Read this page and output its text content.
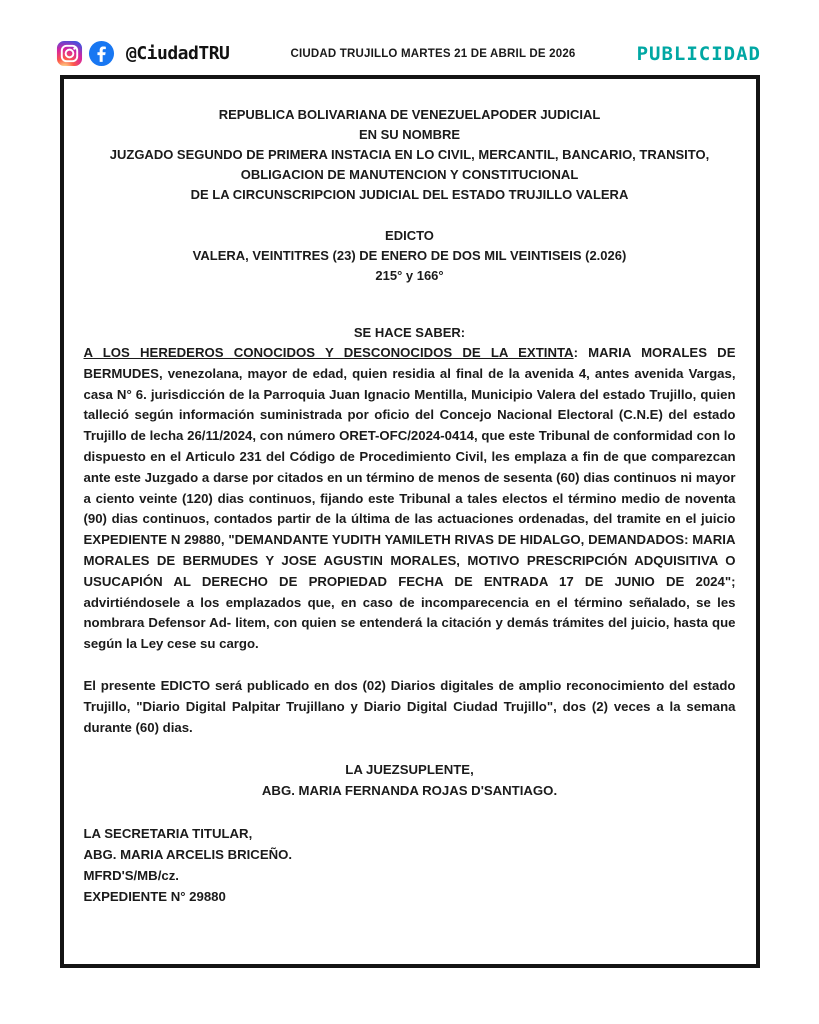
@CiudadTRU	CIUDAD TRUJILLO MARTES 21 DE ABRIL DE 2026	PUBLICIDAD
REPUBLICA BOLIVARIANA DE VENEZUELAPODER JUDICIAL
EN SU NOMBRE
JUZGADO SEGUNDO DE PRIMERA INSTACIA EN LO CIVIL, MERCANTIL, BANCARIO, TRANSITO,
OBLIGACION DE MANUTENCION Y CONSTITUCIONAL
DE LA CIRCUNSCRIPCION JUDICIAL DEL ESTADO TRUJILLO VALERA
EDICTO
VALERA, VEINTITRES (23) DE ENERO DE DOS MIL VEINTISEIS (2.026)
215° y 166°
SE HACE SABER:

A LOS HEREDEROS CONOCIDOS Y DESCONOCIDOS DE LA EXTINTA: MARIA MORALES DE BERMUDES, venezolana, mayor de edad, quien residia al final de la avenida 4, antes avenida Vargas, casa N° 6. jurisdicción de la Parroquia Juan Ignacio Mentilla, Municipio Valera del estado Trujillo, quien talleció según información suministrada por oficio del Concejo Nacional Electoral (C.N.E) del estado Trujillo de lecha 26/11/2024, con número ORET-OFC/2024-0414, que este Tribunal de conformidad con lo dispuesto en el Articulo 231 del Código de Procedimiento Civil, les emplaza a fin de que comparezcan ante este Juzgado a darse por citados en un término de menos de sesenta (60) dias continuos ni mayor a ciento veinte (120) dias continuos, fijando este Tribunal a tales electos el término medio de noventa (90) dias continuos, contados partir de la última de las actuaciones ordenadas, del tramite en el juicio EXPEDIENTE N 29880, "DEMANDANTE YUDITH YAMILETH RIVAS DE HIDALGO, DEMANDADOS: MARIA MORALES DE BERMUDES Y JOSE AGUSTIN MORALES, MOTIVO PRESCRIPCIÓN ADQUISITIVA O USUCAPIÓN AL DERECHO DE PROPIEDAD FECHA DE ENTRADA 17 DE JUNIO DE 2024"; advirtiéndosele a los emplazados que, en caso de incomparecencia en el término señalado, se les nombrara Defensor Ad- litem, con quien se entenderá la citación y demás trámites del juicio, hasta que según la Ley cese su cargo.

El presente EDICTO será publicado en dos (02) Diarios digitales de amplio reconocimiento del estado Trujillo, "Diario Digital Palpitar Trujillano y Diario Digital Ciudad Trujillo", dos (2) veces a la semana durante (60) dias.

LA JUEZSUPLENTE,
ABG. MARIA FERNANDA ROJAS D'SANTIAGO.
LA SECRETARIA TITULAR,
ABG. MARIA ARCELIS BRICEÑO.
MFRD'S/MB/cz.
EXPEDIENTE N° 29880
